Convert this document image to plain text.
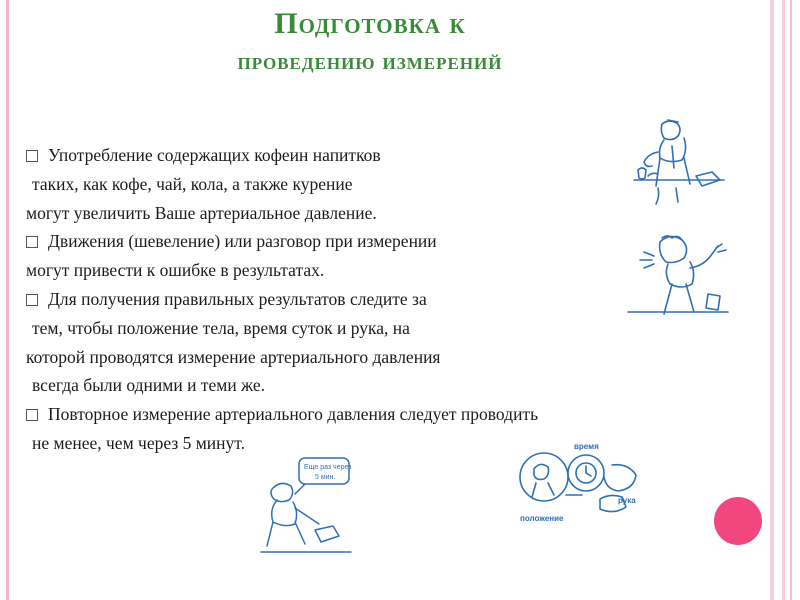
Подготовка к
проведению измерений
Употребление содержащих кофеин напитков
таких, как кофе, чай, кола, а также курение
могут увеличить Ваше артериальное давление.
Движения (шевеление) или разговор при измерении
могут привести к ошибке в результатах.
Для получения правильных результатов следите за
тем, чтобы положение тела, время суток и рука, на
которой проводятся измерение артериального давления
всегда были одними и теми же.
Повторное измерение артериального давления следует проводить
не менее, чем через 5 минут.
Еще раз через
5 мин.
время
рука
положение
